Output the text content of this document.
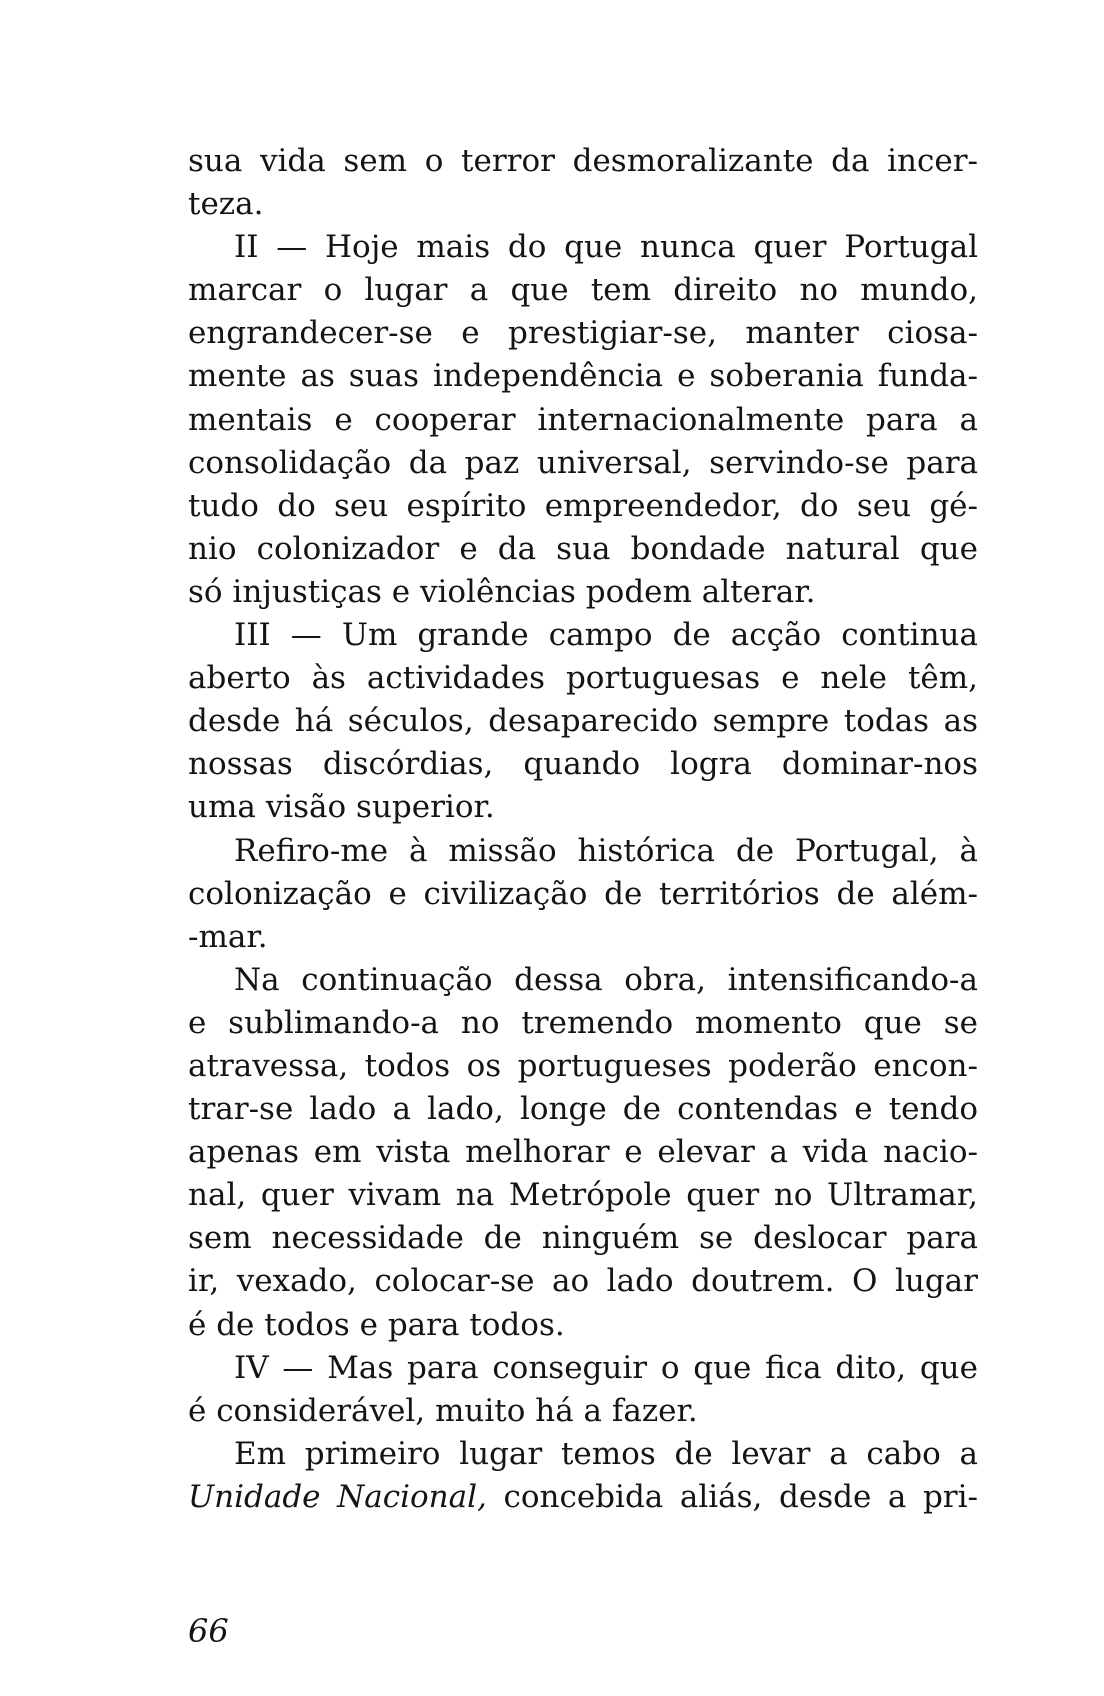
sua vida sem o terror desmoralizante da incer-
teza.
II — Hoje mais do que nunca quer Portugal
marcar o lugar a que tem direito no mundo,
engrandecer-se e prestigiar-se, manter ciosa-
mente as suas independência e soberania funda-
mentais e cooperar internacionalmente para a
consolidação da paz universal, servindo-se para
tudo do seu espírito empreendedor, do seu gé-
nio colonizador e da sua bondade natural que
só injustiças e violências podem alterar.
III — Um grande campo de acção continua
aberto às actividades portuguesas e nele têm,
desde há séculos, desaparecido sempre todas as
nossas discórdias, quando logra dominar-nos
uma visão superior.
Refiro-me à missão histórica de Portugal, à
colonização e civilização de territórios de além-
-mar.
Na continuação dessa obra, intensificando-a
e sublimando-a no tremendo momento que se
atravessa, todos os portugueses poderão encon-
trar-se lado a lado, longe de contendas e tendo
apenas em vista melhorar e elevar a vida nacio-
nal, quer vivam na Metrópole quer no Ultramar,
sem necessidade de ninguém se deslocar para
ir, vexado, colocar-se ao lado doutrem. O lugar
é de todos e para todos.
IV — Mas para conseguir o que fica dito, que
é considerável, muito há a fazer.
Em primeiro lugar temos de levar a cabo a
Unidade Nacional, concebida aliás, desde a pri-
66
